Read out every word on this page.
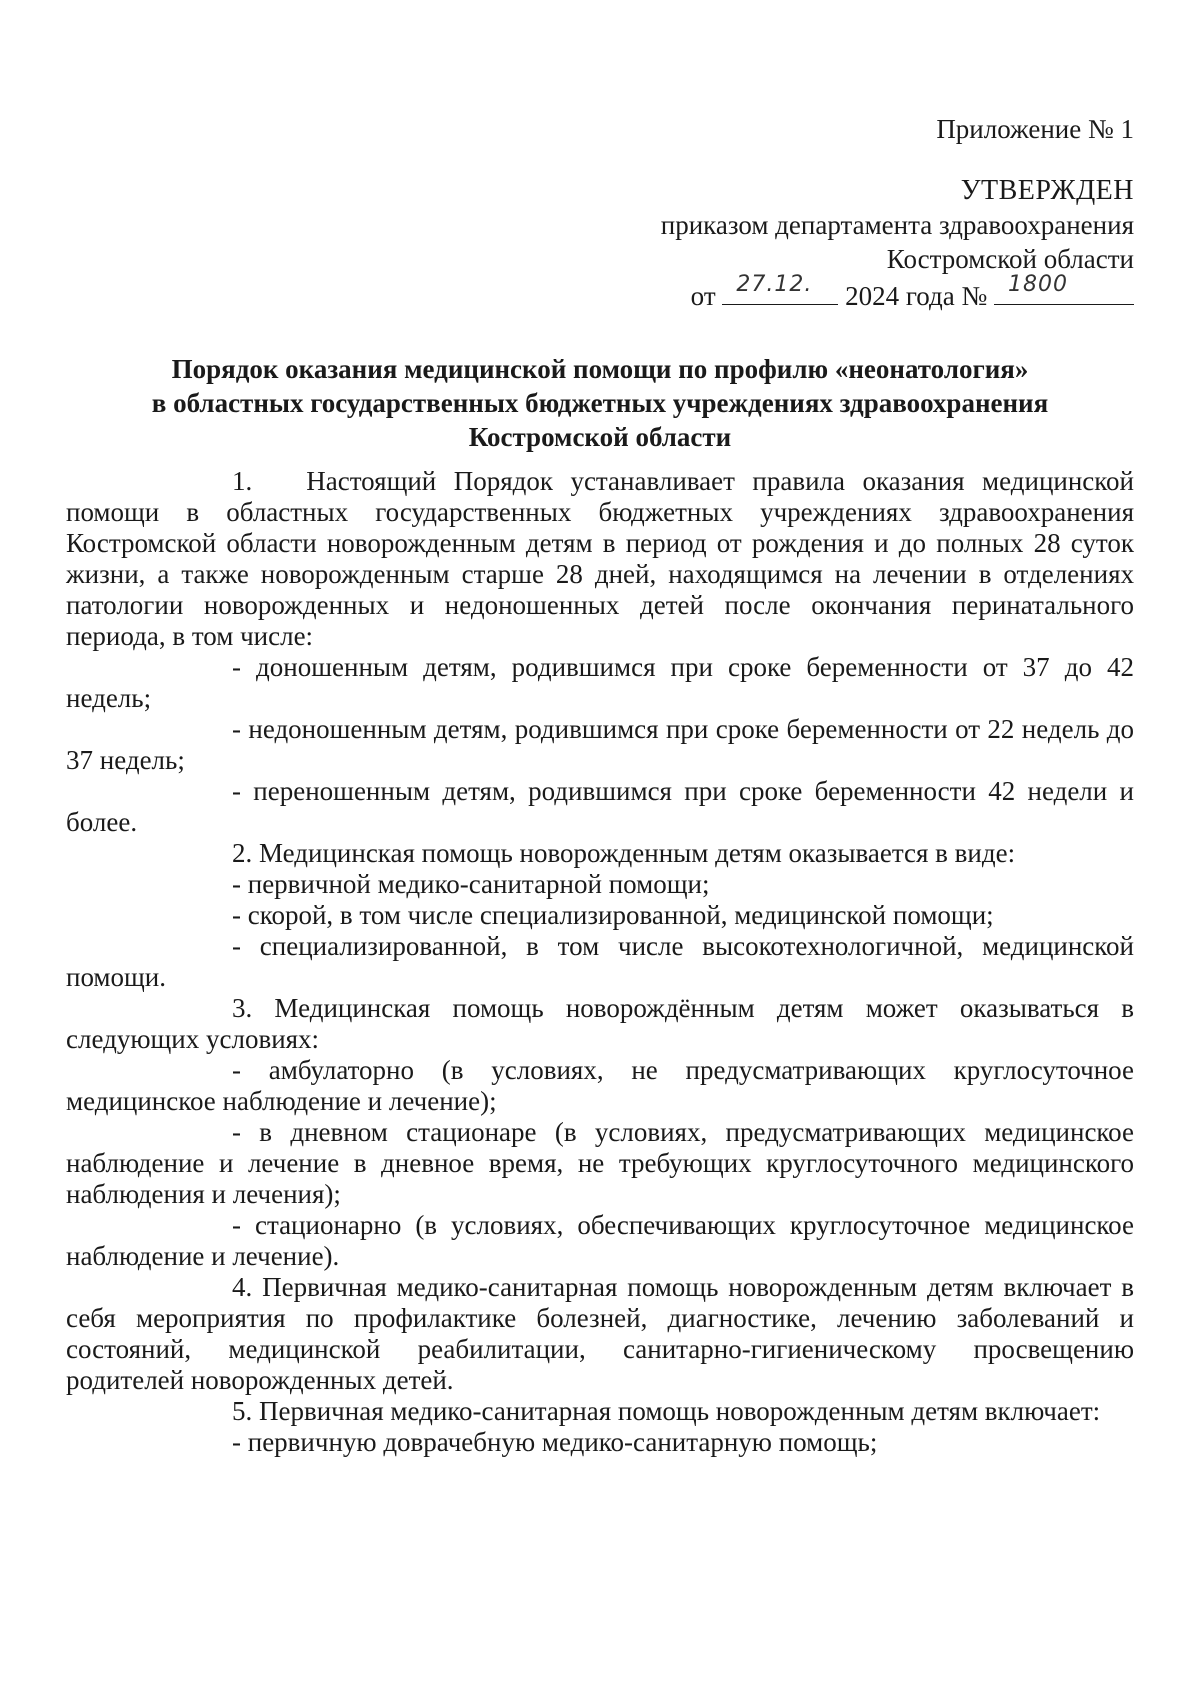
Приложение № 1
УТВЕРЖДЕН
приказом департамента здравоохранения
Костромской области
от 27.12. 2024 года № 1800
Порядок оказания медицинской помощи по профилю «неонатология»
в областных государственных бюджетных учреждениях здравоохранения
Костромской области

1.  Настоящий Порядок устанавливает правила оказания медицинской помощи в областных государственных бюджетных учреждениях здравоохранения Костромской области новорожденным детям в период от рождения и до полных 28 суток жизни, а также новорожденным старше 28 дней, находящимся на лечении в отделениях патологии новорожденных и недоношенных детей после окончания перинатального периода, в том числе:

- доношенным детям, родившимся при сроке беременности от 37 до 42 недель;

- недоношенным детям, родившимся при сроке беременности от 22 недель до 37 недель;

- переношенным детям, родившимся при сроке беременности 42 недели и более.

2. Медицинская помощь новорожденным детям оказывается в виде:

- первичной медико-санитарной помощи;

- скорой, в том числе специализированной, медицинской помощи;

- специализированной, в том числе высокотехнологичной, медицинской помощи.

3. Медицинская помощь новорождённым детям может оказываться в следующих условиях:

- амбулаторно (в условиях, не предусматривающих круглосуточное медицинское наблюдение и лечение);

- в дневном стационаре (в условиях, предусматривающих медицинское наблюдение и лечение в дневное время, не требующих круглосуточного медицинского наблюдения и лечения);

- стационарно (в условиях, обеспечивающих круглосуточное медицинское наблюдение и лечение).

4. Первичная медико-санитарная помощь новорожденным детям включает в себя мероприятия по профилактике болезней, диагностике, лечению заболеваний и состояний, медицинской реабилитации, санитарно-гигиеническому просвещению родителей новорожденных детей.

5. Первичная медико-санитарная помощь новорожденным детям включает:

- первичную доврачебную медико-санитарную помощь;
